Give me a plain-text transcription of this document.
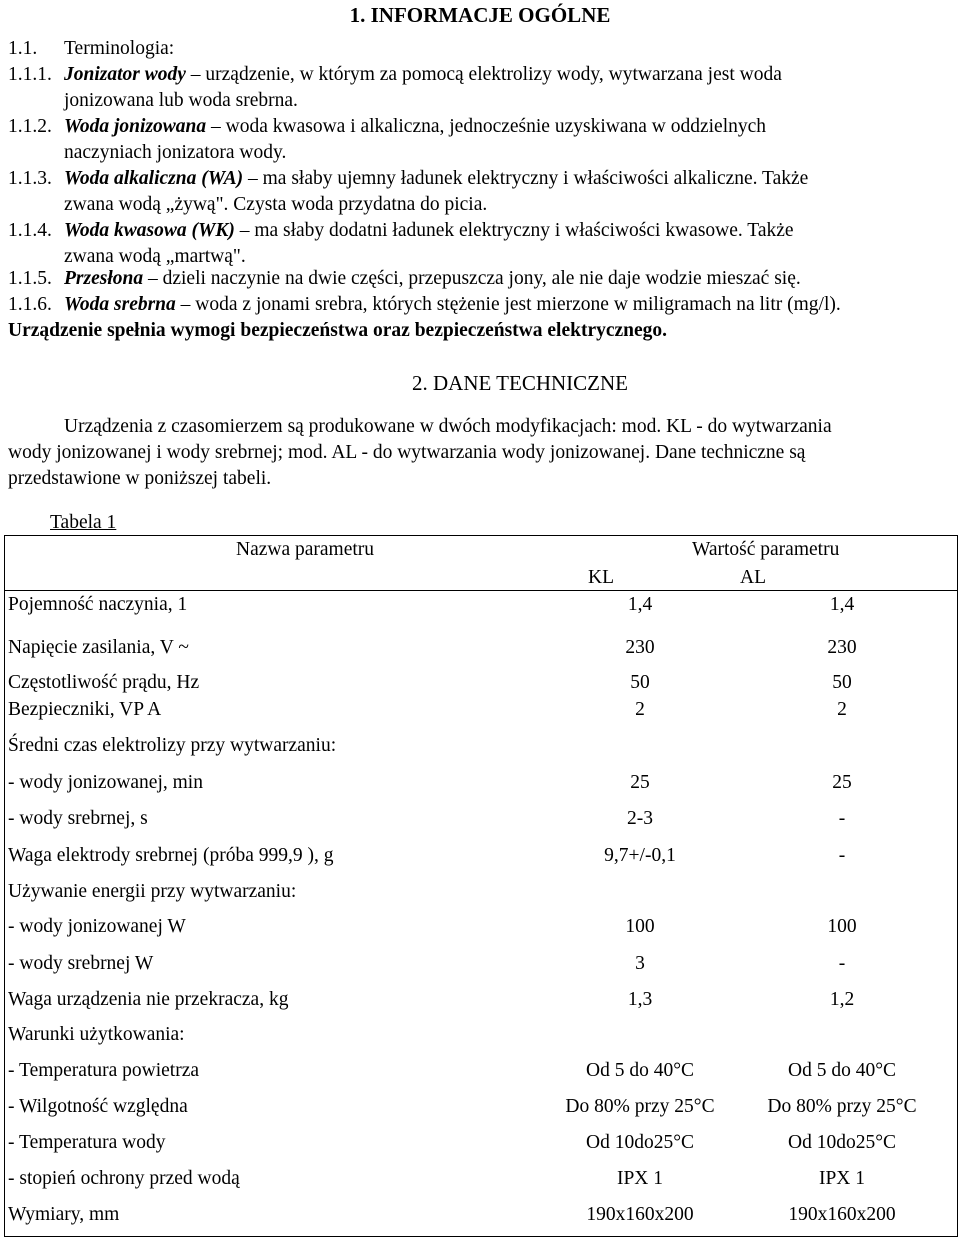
1. INFORMACJE OGÓLNE
1.1. Terminologia:
1.1.1. Jonizator wody – urządzenie, w którym za pomocą elektrolizy wody, wytwarzana jest woda
jonizowana lub woda srebrna.
1.1.2. Woda jonizowana – woda kwasowa i alkaliczna, jednocześnie uzyskiwana w oddzielnych
naczyniach jonizatora wody.
1.1.3. Woda alkaliczna (WA) – ma słaby ujemny ładunek elektryczny i właściwości alkaliczne. Także
zwana wodą „żywą". Czysta woda przydatna do picia.
1.1.4. Woda kwasowa (WK) – ma słaby dodatni ładunek elektryczny i właściwości kwasowe. Także
zwana wodą „martwą".
1.1.5. Przesłona – dzieli naczynie na dwie części, przepuszcza jony, ale nie daje wodzie mieszać się.
1.1.6. Woda srebrna – woda z jonami srebra, których stężenie jest mierzone w miligramach na litr (mg/l).
Urządzenie spełnia wymogi bezpieczeństwa oraz bezpieczeństwa elektrycznego.
2. DANE TECHNICZNE
Urządzenia z czasomierzem są produkowane w dwóch modyfikacjach: mod. KL - do wytwarzania
wody jonizowanej i wody srebrnej; mod. AL - do wytwarzania wody jonizowanej. Dane techniczne są
przedstawione w poniższej tabeli.
Tabela 1
Nazwa parametru	Wartość parametru
KL	AL
Pojemność naczynia, 1	1,4	1,4
Napięcie zasilania, V ~	230	230
Częstotliwość prądu, Hz	50	50
Bezpieczniki, VP A	2	2
Średni czas elektrolizy przy wytwarzaniu:
- wody jonizowanej, min	25	25
- wody srebrnej, s	2-3	-
Waga elektrody srebrnej (próba 999,9 ), g	9,7+/-0,1	-
Używanie energii przy wytwarzaniu:
- wody jonizowanej W	100	100
- wody srebrnej W	3	-
Waga urządzenia nie przekracza, kg	1,3	1,2
Warunki użytkowania:
- Temperatura powietrza	Od 5 do 40°C	Od 5 do 40°C
- Wilgotność względna	Do 80% przy 25°C	Do 80% przy 25°C
- Temperatura wody	Od 10do25°C	Od 10do25°C
- stopień ochrony przed wodą	IPX 1	IPX 1
Wymiary, mm	190x160x200	190x160x200
